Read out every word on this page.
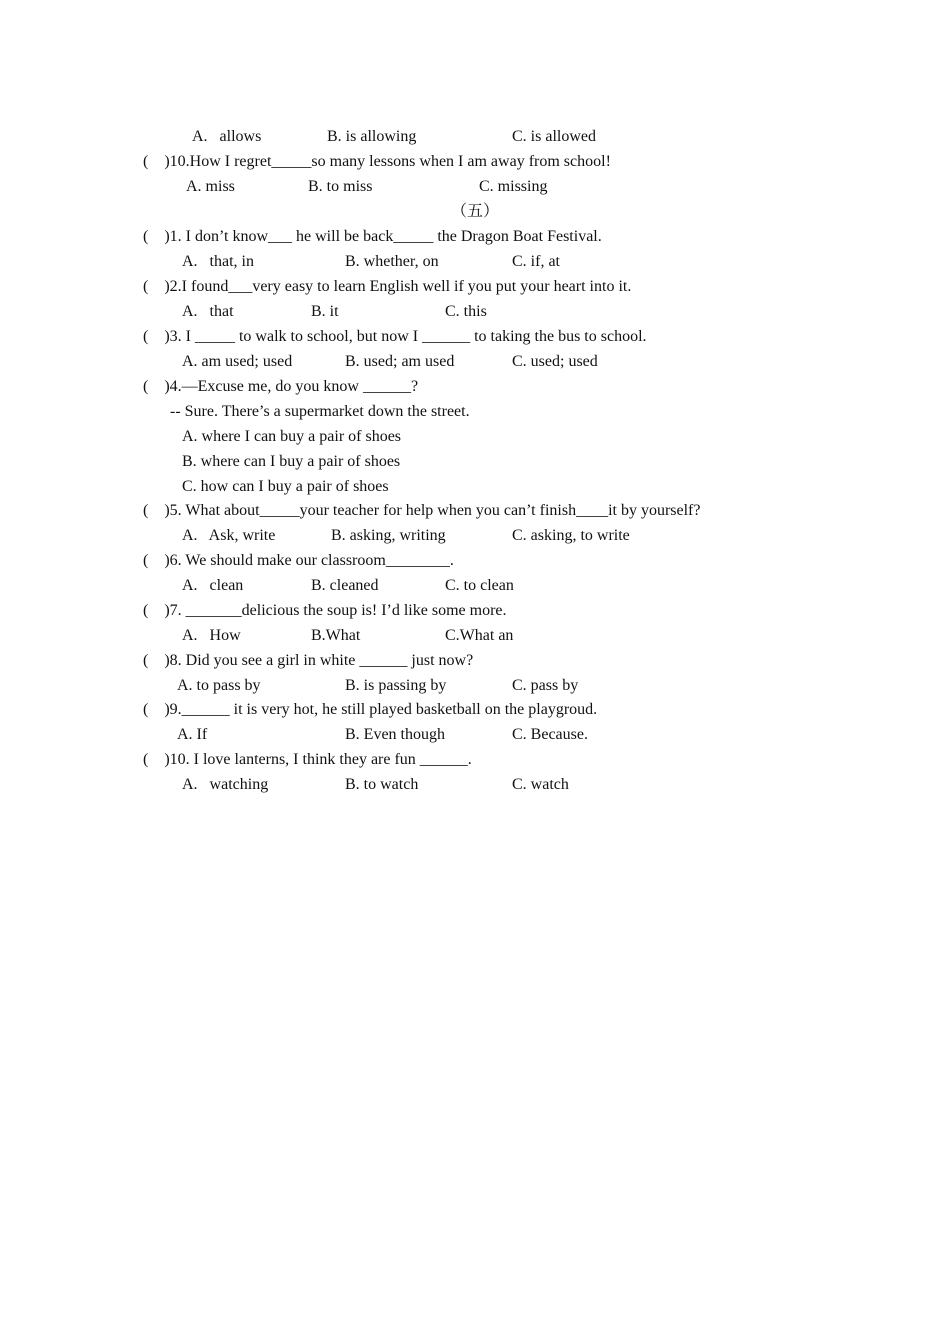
A.   allows	B. is allowing	C. is allowed
(    )10.How I regret_____so many lessons when I am away from school!
A. miss	B. to miss	C. missing
（五）
(    )1. I don’t know___ he will be back_____ the Dragon Boat Festival.
A.   that, in	B. whether, on	C. if, at
(    )2.I found___very easy to learn English well if you put your heart into it.
A.   that	B. it	C. this
(    )3. I _____ to walk to school, but now I ______ to taking the bus to school.
A. am used; used	B. used; am used	C. used; used
(    )4.—Excuse me, do you know ______?
-- Sure. There’s a supermarket down the street.
A. where I can buy a pair of shoes
B. where can I buy a pair of shoes
C. how can I buy a pair of shoes
(    )5. What about_____your teacher for help when you can’t finish____it by yourself?
A.   Ask, write	B. asking, writing	C. asking, to write
(    )6. We should make our classroom________.
A.   clean	B. cleaned	C. to clean
(    )7. _______delicious the soup is! I’d like some more.
A.   How	B.What	C.What an
(    )8. Did you see a girl in white ______ just now?
A. to pass by	B. is passing by	C. pass by
(    )9.______ it is very hot, he still played basketball on the playgroud.
A. If	B. Even though	C. Because.
(    )10. I love lanterns, I think they are fun ______.
A.   watching	B. to watch	C. watch
